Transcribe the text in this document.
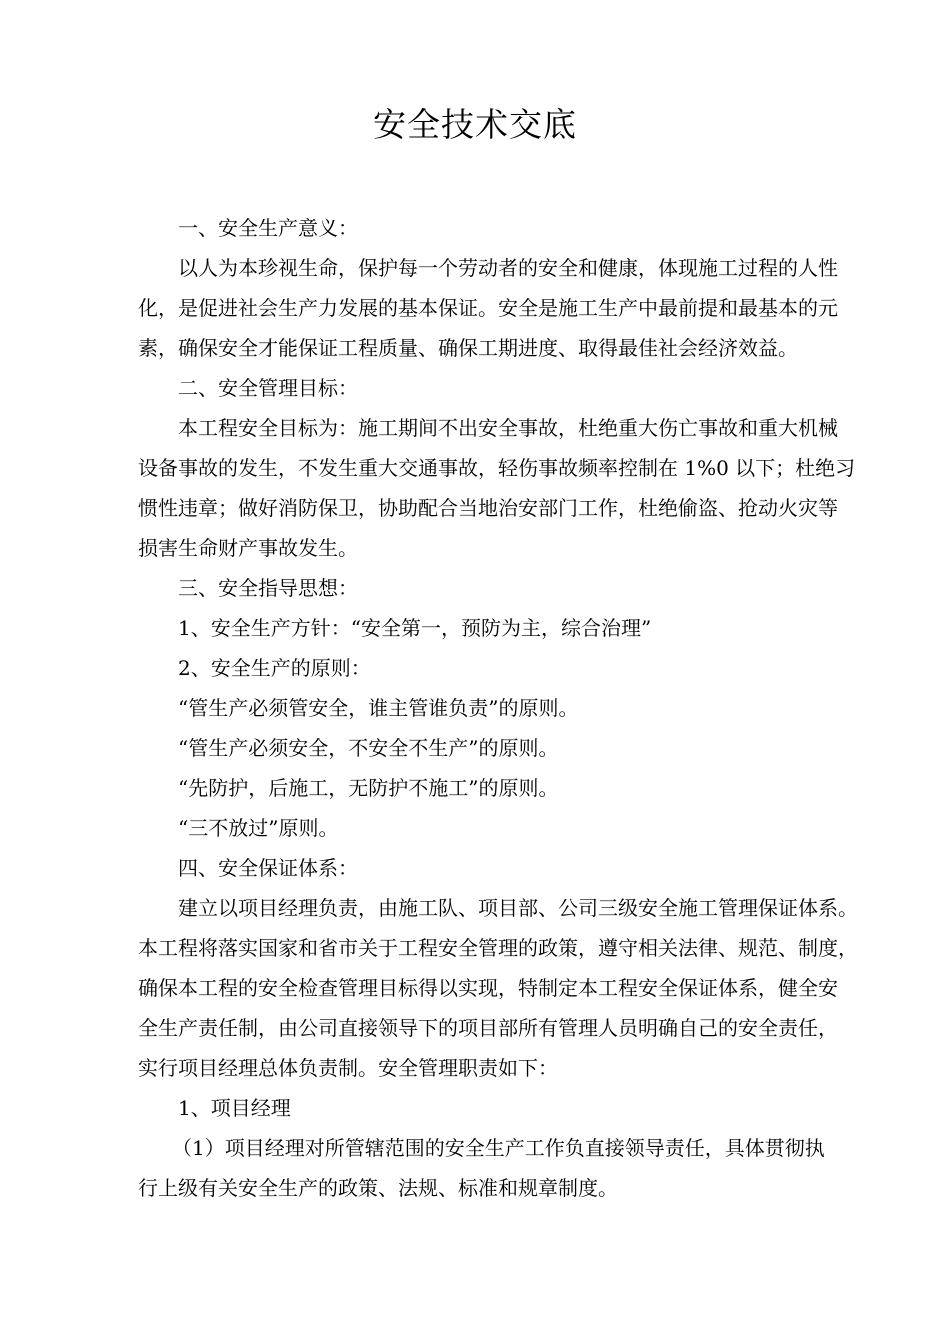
安全技术交底
一、安全生产意义：
以人为本珍视生命，保护每一个劳动者的安全和健康，体现施工过程的人性
化，是促进社会生产力发展的基本保证。安全是施工生产中最前提和最基本的元
素，确保安全才能保证工程质量、确保工期进度、取得最佳社会经济效益。
二、安全管理目标：
本工程安全目标为：施工期间不出安全事故，杜绝重大伤亡事故和重大机械
设备事故的发生，不发生重大交通事故，轻伤事故频率控制在 1%0 以下；杜绝习
惯性违章；做好消防保卫，协助配合当地治安部门工作，杜绝偷盗、抢动火灾等
损害生命财产事故发生。
三、安全指导思想：
1、安全生产方针：“安全第一，预防为主，综合治理”
2、安全生产的原则：
“管生产必须管安全，谁主管谁负责”的原则。
“管生产必须安全，不安全不生产”的原则。
“先防护，后施工，无防护不施工”的原则。
“三不放过”原则。
四、安全保证体系：
建立以项目经理负责，由施工队、项目部、公司三级安全施工管理保证体系。
本工程将落实国家和省市关于工程安全管理的政策，遵守相关法律、规范、制度，
确保本工程的安全检查管理目标得以实现，特制定本工程安全保证体系，健全安
全生产责任制，由公司直接领导下的项目部所有管理人员明确自己的安全责任，
实行项目经理总体负责制。安全管理职责如下：
1、项目经理
（1）项目经理对所管辖范围的安全生产工作负直接领导责任，具体贯彻执
行上级有关安全生产的政策、法规、标准和规章制度。
